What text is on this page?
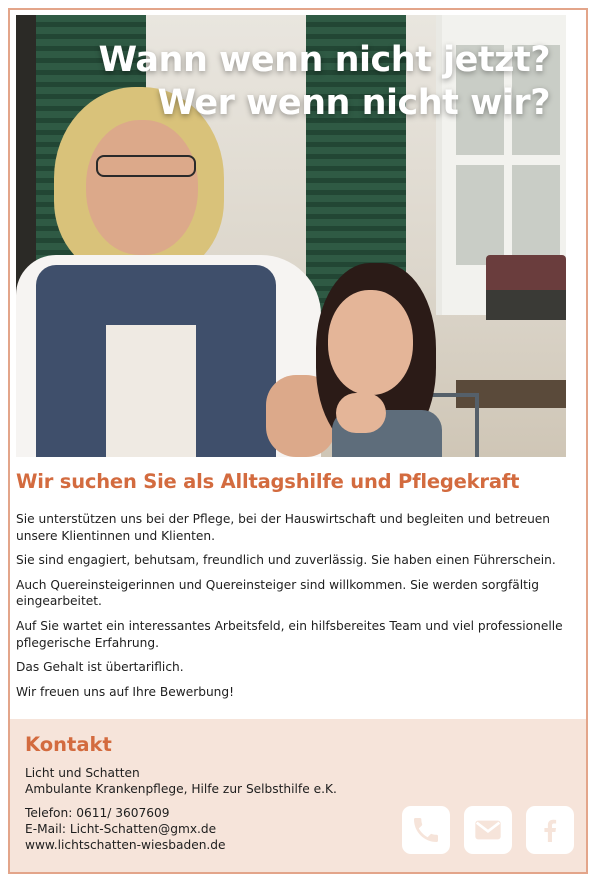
Wann wenn nicht jetzt?
Wer wenn nicht wir?
Wir suchen Sie als Alltagshilfe und Pflegekraft

Sie unterstützen uns bei der Pflege, bei der Hauswirtschaft und begleiten und betreuen unsere Klientinnen und Klienten.

Sie sind engagiert, behutsam, freundlich und zuverlässig. Sie haben einen Führerschein.

Auch Quereinsteigerinnen und Quereinsteiger sind willkommen. Sie werden sorgfältig eingearbeitet.

Auf Sie wartet ein interessantes Arbeitsfeld, ein hilfsbereites Team und viel professionelle pflegerische Erfahrung.

Das Gehalt ist übertariflich.

Wir freuen uns auf Ihre Bewerbung!

Kontakt
Licht und Schatten
Ambulante Krankenpflege, Hilfe zur Selbsthilfe e.K.
Telefon: 0611/ 3607609
E-Mail: Licht-Schatten@gmx.de
www.lichtschatten-wiesbaden.de
